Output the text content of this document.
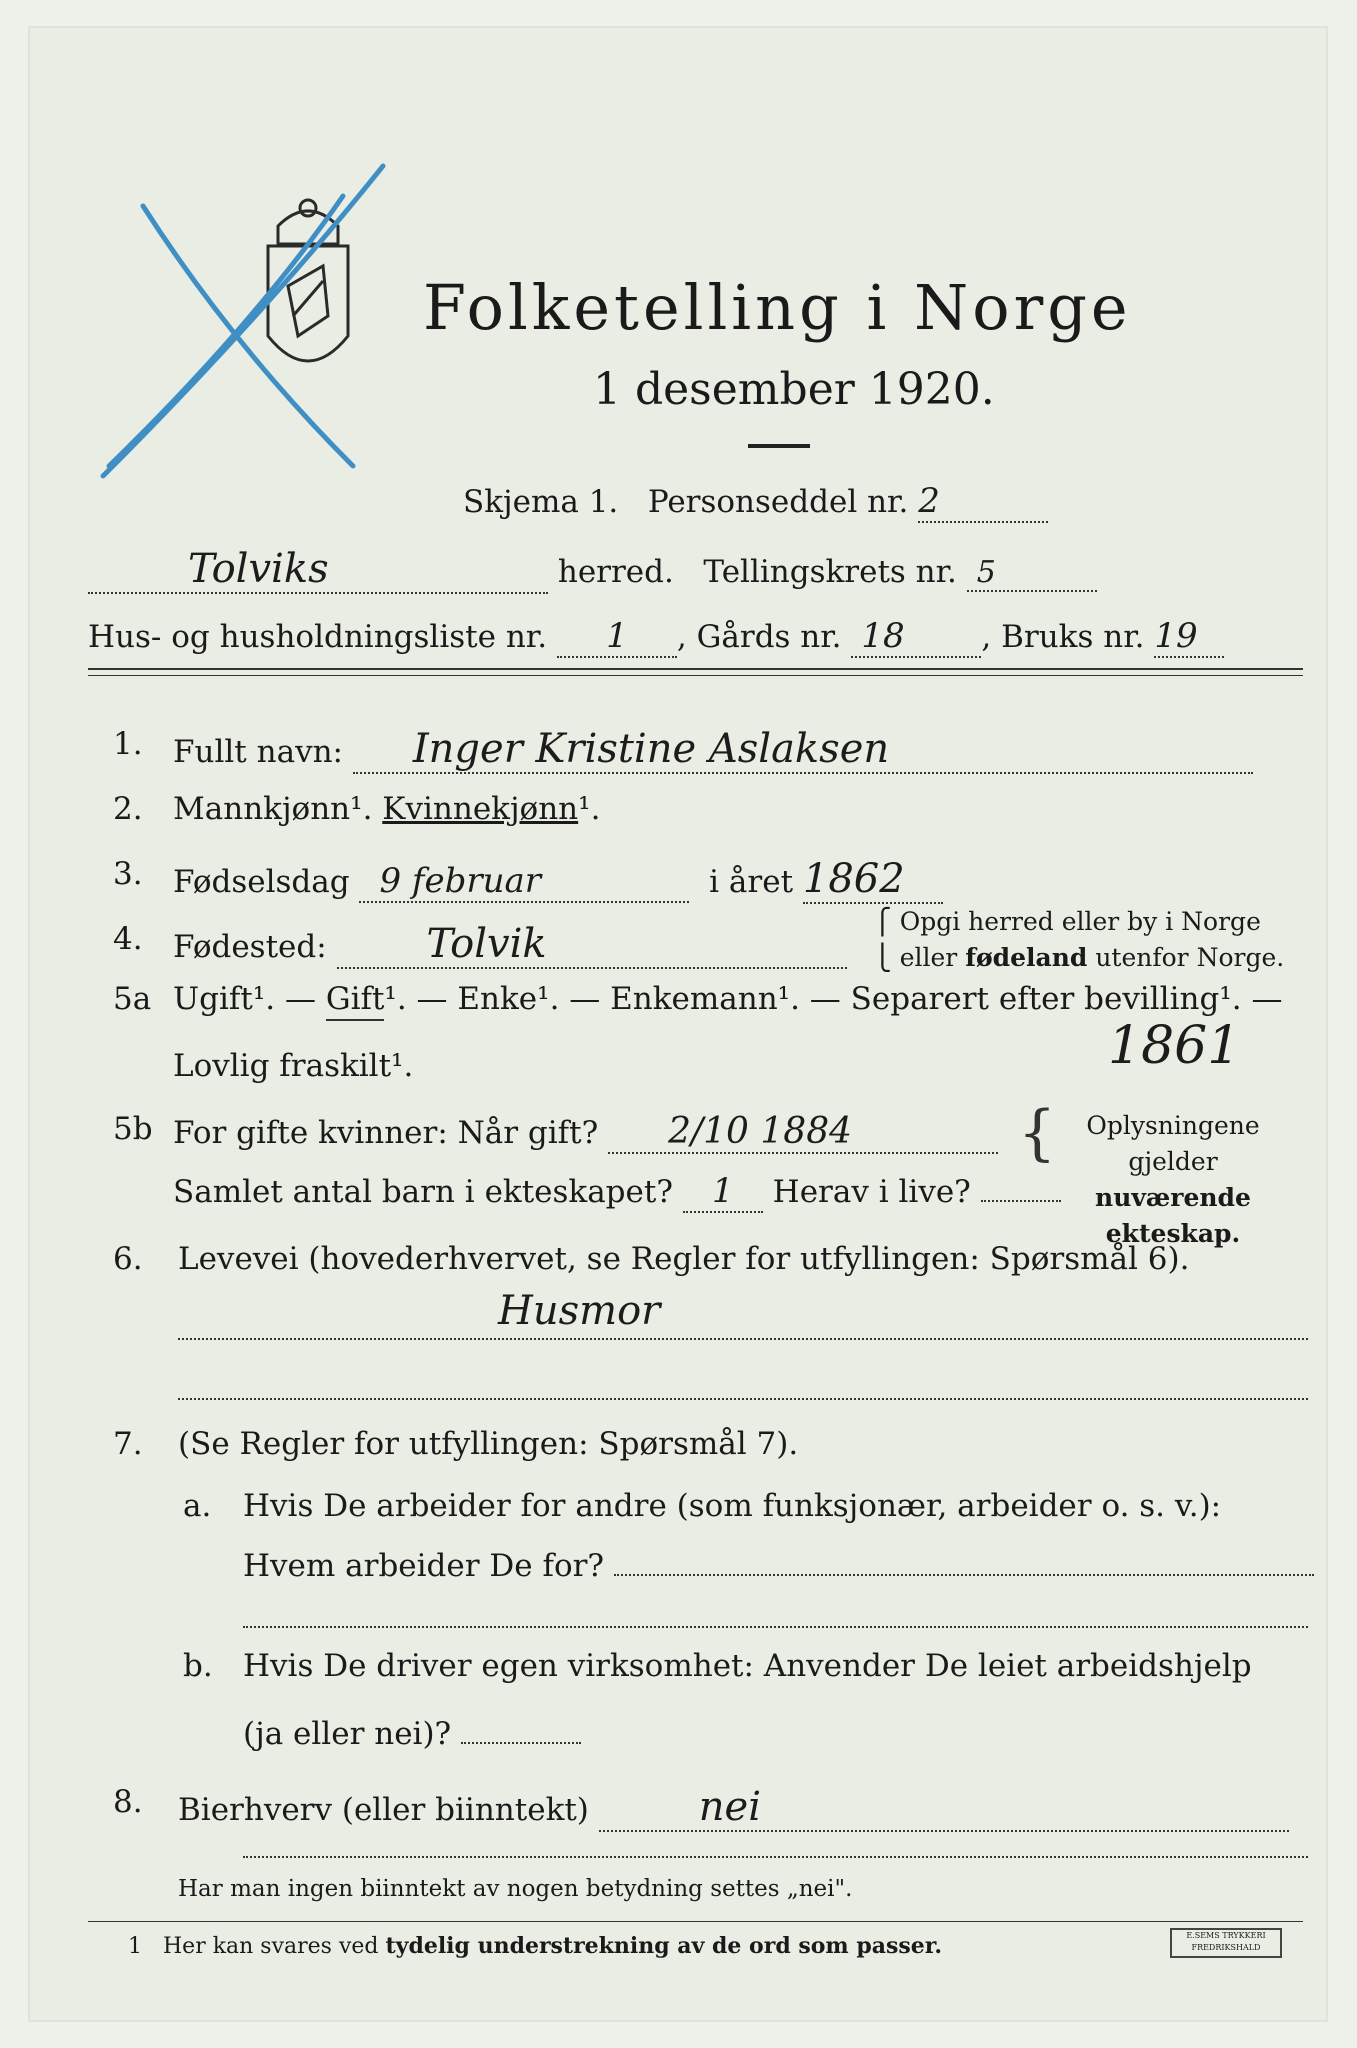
Folketelling i Norge
1 desember 1920.
Skjema 1. Personseddel nr. 2
Tolviks	herred. Tellingskrets nr. 5
Hus- og husholdningsliste nr. 1 , Gårds nr. 18 , Bruks nr. 19
1. Fullt navn: Inger Kristine Aslaksen
2. Mannkjønn¹. Kvinnekjønn¹.
3. Fødselsdag 9 februar	i året 1862
4. Fødested: Tolvik	⎧ Opgi herred eller by i Norge
⎩ eller fødeland utenfor Norge.
5a Ugift¹. — Gift¹. — Enke¹. — Enkemann¹. — Separert efter bevilling¹. —
Lovlig fraskilt¹.	1861
5b For gifte kvinner: Når gift? 2/10 1884
Samlet antal barn i ekteskapet? 1 Herav i live?
{	Oplysningene
gjelder nuværende
ekteskap.
6. Levevei (hovederhvervet, se Regler for utfyllingen: Spørsmål 6).
Husmor
7. (Se Regler for utfyllingen: Spørsmål 7).
a. Hvis De arbeider for andre (som funksjonær, arbeider o. s. v.):
Hvem arbeider De for?
b. Hvis De driver egen virksomhet: Anvender De leiet arbeidshjelp
(ja eller nei)?
8. Bierhverv (eller biinntekt)	nei
Har man ingen biinntekt av nogen betydning settes „nei".
1 Her kan svares ved tydelig understrekning av de ord som passer.	E.SEMS TRYKKERI FREDRIKSHALD
